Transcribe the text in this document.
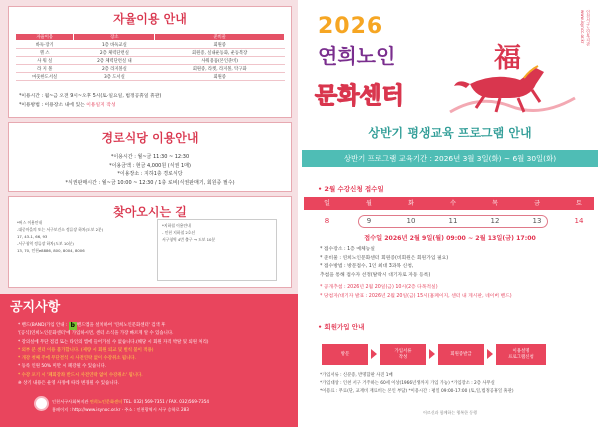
자율이용 안내
자율이용	장소	준비물
바둑·장기	1층 바둑교실	회원증
헬 스	2층 체력단련실	회원증, 실내운동화, 운동복장
사 워 실	2층 체력단련실 내	샤워용품(본인준비)
라 지 볼	2층 라지볼실	회원증, 라켓, 라지볼, 탁구화
마웃한도서실	3층 도서실	회원증
*이용시간 : 월~금 오전 9시~오후 5시(토·일요일, 법정공휴일 휴관)
*이용방법 : 이용장소 내에 있는 이용일지 작성
경로식당 이용안내
*이용시간 : 월~금 11:30 ~ 12:30
*이용금액 : 현금 4,000원 (식권 1매)
*이용장소 : 지하1층 경로식당
*식권판매시간 : 월~금 10:00 ~ 12:30 / 1층 로비(식권판매기, 회원증 필수)
찾아오시는 길
*버스 이용안내
-대중마을의 또는 서구보건소 정류장 하차(도보 2분)
17, 43-1, 66, 93
-서구청역 정류장 하차(도보 10분)
13, 70, 인천e8886, 800, 8004, 8006
*지하철 이용안내
- 인천 지하철 2호선
서구청역 4번 출구 → 도보 10분
공지사항
* 밴드(BAND)가입 안내 : b 밴드앱을 설치하여 '연희노인문화센터' 검색 후
'[공식]연희노인문화센터'에 가입하시면, 센터 소식을 가장 빠르게 알 수 있습니다.
* 강의실에 무단 점검 또는 타인의 앱에 들어가실 수 없습니다.(해당 시 회원 자격 박탈 및 퇴원 처리)
* 외부 분 센터 이용 불가합니다. (제량 시 회원 퇴교 및 벌칙 불이 적용)
* 개강 첫째 주에 무단결석 시 사전연락 없이 수강취소 됩니다.
* 등록 인원 50% 미만 시 폐강될 수 있습니다.
* 수강 포기 시 '폐회강좌 반드시 사전연락 없이 수강취소' 됩니다.
※ 상기 내용은 운영 사정에 따라 변경될 수 있습니다.
인천서구사회복지관 연희노인문화센터 TEL. 032) 569-7351 / FAX. 032)569-7354
홈페이지 : http://www.isynoc.or.kr · 주소 : 인천광역시 서구 승학로 283
인천서구노인복지관 www.isyncc.or.kr
2026
연희노인
문화센터
福
상반기 평생교육 프로그램 안내
상반기 프로그램 교육기간 : 2026년 3월 3일(화) ~ 6월 30일(화)
• 2월 수강신청 접수일
일	월	화	수	목	금	토
8	9	10	11	12	13	14
접수일 2026년 2월 9일(월) 09:00 ~ 2월 13일(금) 17:00
* 접수장소 : 1층 예체능실
* 준비물 : 연희노인문화센터 회원증(비회원은 회원가입 필요)
* 접수방법 : 방문접수, 1인 최대 3과목 신청,
추첨을 통해 접수자 선정(탈락시 대기자로 자동 등록)
* 공개추첨 : 2026년 2월 20일(금) 10시(2층 다목적실)
* 당첨자/대기자 발표 : 2026년 2월 20일(금) 15시(홈페이지, 센터 내 게시판, 네이버 밴드)
• 회원가입 안내
방문
가입서류
작성
회원증발급
이용설명
프로그램신청
*가입서류 : 신분증, 반명함판 사진 1매
*가입대상 : 인천 서구 거주하는 60세 이상(1966년생까지 가입 가능) *가입장소 : 2층 사무실
*이용료 : 무료(단, 교재비 재료비는 본인 부담) *이용시간 : 평일 09:00-17:00 (토,일,법정공휴일 휴관)
어르신과 함께하는 행복한 동행
